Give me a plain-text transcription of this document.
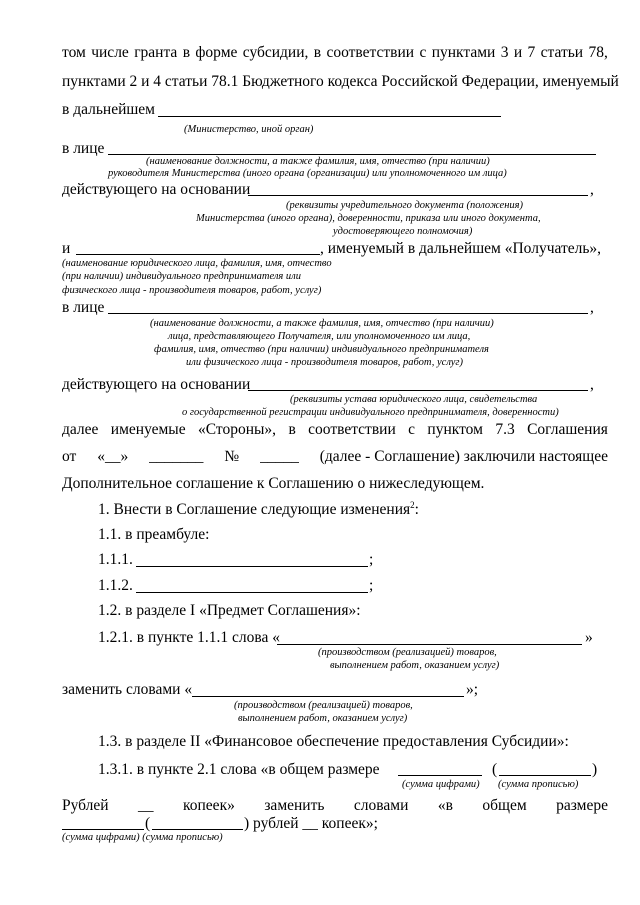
том числе гранта в форме субсидии, в соответствии с пунктами 3 и 7 статьи 78,
пунктами 2 и 4 статьи 78.1 Бюджетного кодекса Российской Федерации, именуемый
в дальнейшем
(Министерство, иной орган)
в лице
(наименование должности, а также фамилия, имя, отчество (при наличии)
руководителя Министерства (иного органа (организации) или уполномоченного им лица)
действующего на основании	,
(реквизиты учредительного документа (положения)
Министерства (иного органа), доверенности, приказа или иного документа,
удостоверяющего полномочия)
и	, именуемый в дальнейшем «Получатель»,
(наименование юридического лица, фамилия, имя, отчество
(при наличии) индивидуального предпринимателя или
физического лица - производителя товаров, работ, услуг)
в лице	,
(наименование должности, а также фамилия, имя, отчество (при наличии)
лица, представляющего Получателя, или уполномоченного им лица,
фамилия, имя, отчество (при наличии) индивидуального предпринимателя
или физического лица - производителя товаров, работ, услуг)
действующего на основании	,
(реквизиты устава юридического лица, свидетельства
о государственной регистрации индивидуального предпринимателя, доверенности)
далее именуемые «Стороны», в соответствии с пунктом 7.3 Соглашения
от «__» _______ № _____ (далее - Соглашение) заключили настоящее
Дополнительное соглашение к Соглашению о нижеследующем.
1. Внести в Соглашение следующие изменения$^2$:
1.1. в преамбуле:
1.1.1.	;
1.1.2.	;
1.2. в разделе I «Предмет Соглашения»:
1.2.1. в пункте 1.1.1 слова «	»
(производством (реализацией) товаров,
выполнением работ, оказанием услуг)
заменить словами «	»;
(производством (реализацией) товаров,
выполнением работ, оказанием услуг)
1.3. в разделе II «Финансовое обеспечение предоставления Субсидии»:
1.3.1. в пункте 2.1 слова «в общем размере	(	)
(сумма цифрами) (сумма прописью)
Рублей __ копеек» заменить словами «в общем размере
(	) рублей __ копеек»;
(сумма цифрами) (сумма прописью)
